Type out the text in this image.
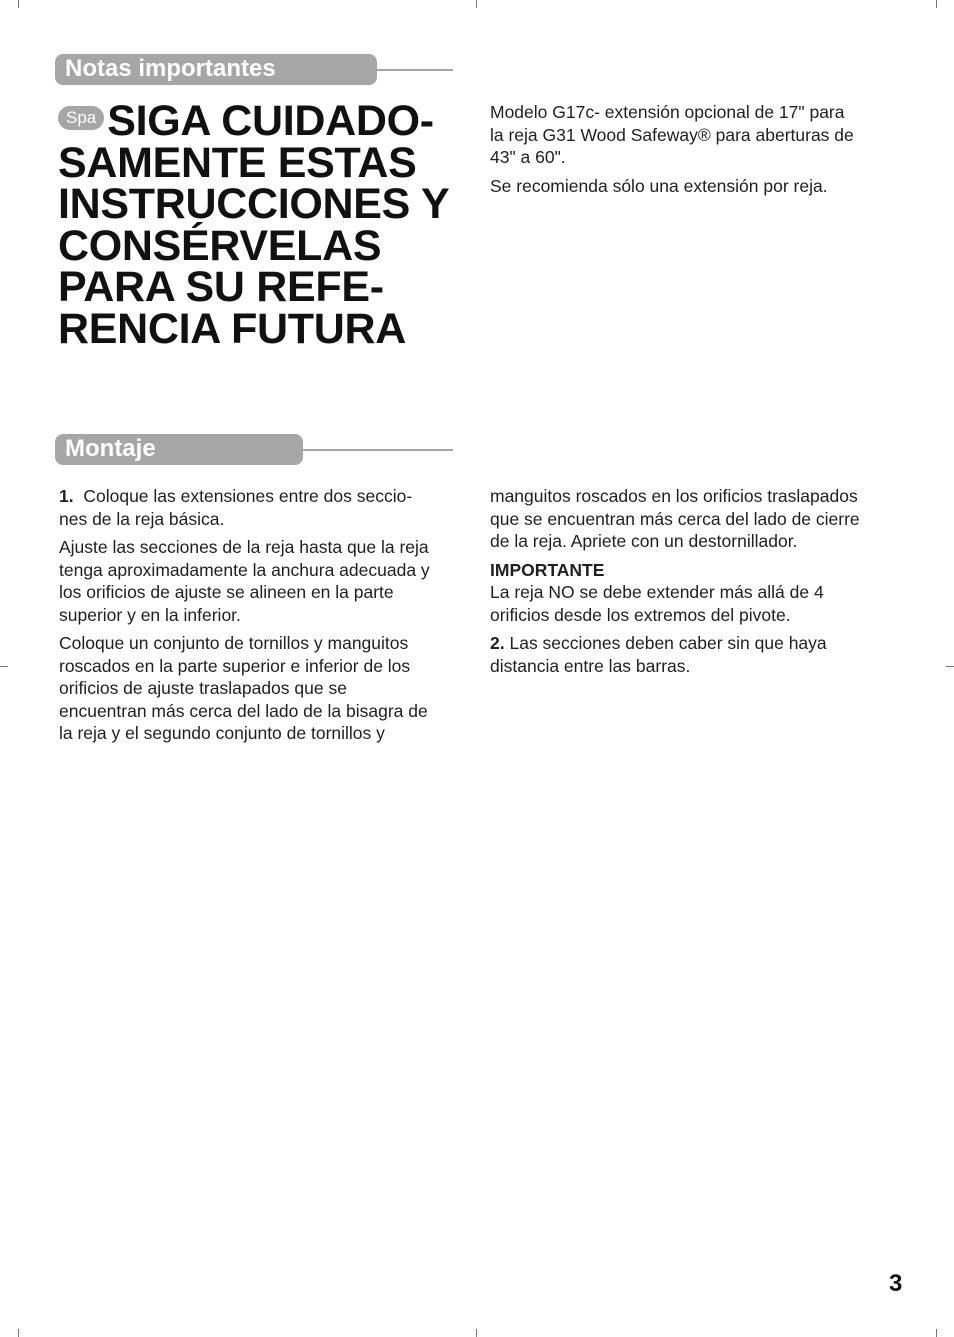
Notas importantes
Spa SIGA CUIDADO-
SAMENTE ESTAS
INSTRUCCIONES Y
CONSÉRVELAS
PARA SU REFE-
RENCIA FUTURA

Modelo G17c- extensión opcional de 17" para
la reja G31 Wood Safeway® para aberturas de
43" a 60".

Se recomienda sólo una extensión por reja.

Montaje

1. Coloque las extensiones entre dos seccio-
nes de la reja básica.

Ajuste las secciones de la reja hasta que la reja
tenga aproximadamente la anchura adecuada y
los orificios de ajuste se alineen en la parte
superior y en la inferior.

Coloque un conjunto de tornillos y manguitos
roscados en la parte superior e inferior de los
orificios de ajuste traslapados que se
encuentran más cerca del lado de la bisagra de
la reja y el segundo conjunto de tornillos y

manguitos roscados en los orificios traslapados
que se encuentran más cerca del lado de cierre
de la reja. Apriete con un destornillador.

IMPORTANTE
La reja NO se debe extender más allá de 4
orificios desde los extremos del pivote.

2. Las secciones deben caber sin que haya
distancia entre las barras.

3
